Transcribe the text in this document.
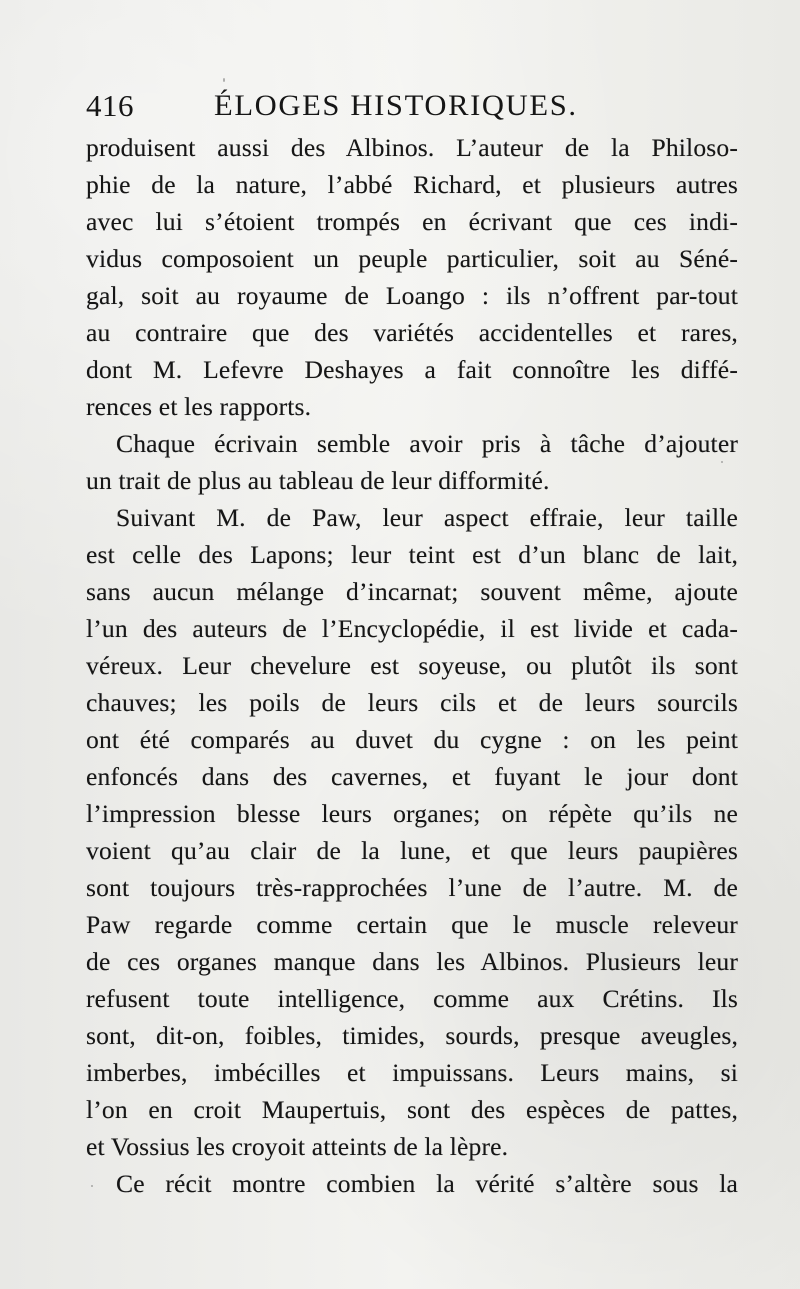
416	ÉLOGES HISTORIQUES.
produisent aussi des Albinos. L’auteur de la Philoso-
phie de la nature, l’abbé Richard, et plusieurs autres
avec lui s’étoient trompés en écrivant que ces indi-
vidus composoient un peuple particulier, soit au Séné-
gal, soit au royaume de Loango : ils n’offrent par-tout
au contraire que des variétés accidentelles et rares,
dont M. Lefevre Deshayes a fait connoître les diffé-
rences et les rapports.
Chaque écrivain semble avoir pris à tâche d’ajouter
un trait de plus au tableau de leur difformité.
Suivant M. de Paw, leur aspect effraie, leur taille
est celle des Lapons; leur teint est d’un blanc de lait,
sans aucun mélange d’incarnat; souvent même, ajoute
l’un des auteurs de l’Encyclopédie, il est livide et cada-
véreux. Leur chevelure est soyeuse, ou plutôt ils sont
chauves; les poils de leurs cils et de leurs sourcils
ont été comparés au duvet du cygne : on les peint
enfoncés dans des cavernes, et fuyant le jour dont
l’impression blesse leurs organes; on répète qu’ils ne
voient qu’au clair de la lune, et que leurs paupières
sont toujours très-rapprochées l’une de l’autre. M. de
Paw regarde comme certain que le muscle releveur
de ces organes manque dans les Albinos. Plusieurs leur
refusent toute intelligence, comme aux Crétins. Ils
sont, dit-on, foibles, timides, sourds, presque aveugles,
imberbes, imbécilles et impuissans. Leurs mains, si
l’on en croit Maupertuis, sont des espèces de pattes,
et Vossius les croyoit atteints de la lèpre.
Ce récit montre combien la vérité s’altère sous la
